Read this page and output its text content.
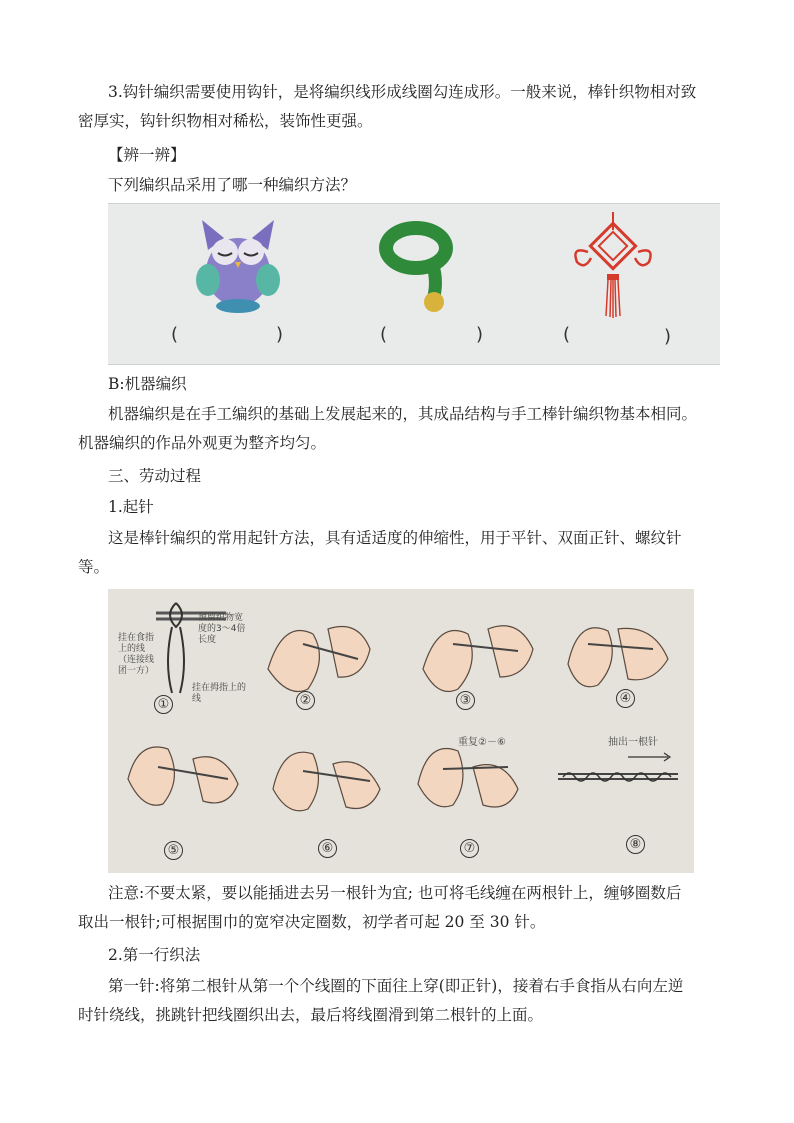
3.钩针编织需要使用钩针，是将编织线形成线圈勾连成形。一般来说，棒针织物相对致
密厚实，钩针织物相对稀松，装饰性更强。

【辨一辨】

下列编织品采用了哪一种编织方法？

(	)	(	)	(	)

B:机器编织

机器编织是在手工编织的基础上发展起来的，其成品结构与手工棒针编织物基本相同。
机器编织的作品外观更为整齐均匀。

三、劳动过程

1.起针

这是棒针编织的常用起针方法，具有适适度的伸缩性，用于平针、双面正针、螺纹针
等。

挂在食指上的线（连接线团一方）
预留织物宽度的3～4倍长度
挂在拇指上的线
重复②－⑥	抽出一根针
①	②	③	④
⑤	⑥	⑦	⑧

注意:不要太紧，要以能插进去另一根针为宜; 也可将毛线缠在两根针上，缠够圈数后
取出一根针;可根据围巾的宽窄决定圈数，初学者可起 20 至 30 针。

2.第一行织法

第一针:将第二根针从第一个个线圈的下面往上穿(即正针)，接着右手食指从右向左逆
时针绕线，挑跳针把线圈织出去，最后将线圈滑到第二根针的上面。
